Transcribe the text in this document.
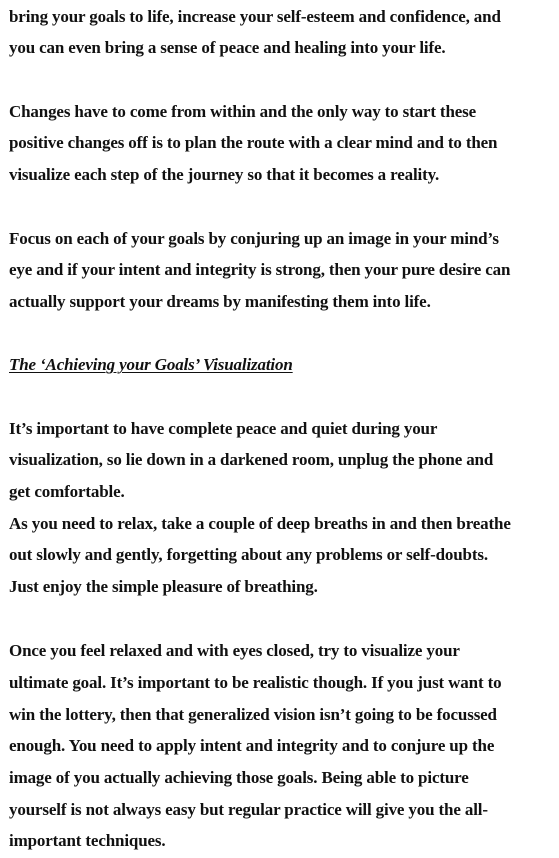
bring your goals to life, increase your self-esteem and confidence, and
you can even bring a sense of peace and healing into your life.
Changes have to come from within and the only way to start these
positive changes off is to plan the route with a clear mind and to then
visualize each step of the journey so that it becomes a reality.
Focus on each of your goals by conjuring up an image in your mind’s
eye and if your intent and integrity is strong, then your pure desire can
actually support your dreams by manifesting them into life.
The ‘Achieving your Goals’ Visualization
It’s important to have complete peace and quiet during your
visualization, so lie down in a darkened room, unplug the phone and
get comfortable.
As you need to relax, take a couple of deep breaths in and then breathe
out slowly and gently, forgetting about any problems or self-doubts.
Just enjoy the simple pleasure of breathing.
Once you feel relaxed and with eyes closed, try to visualize your
ultimate goal. It’s important to be realistic though. If you just want to
win the lottery, then that generalized vision isn’t going to be focussed
enough. You need to apply intent and integrity and to conjure up the
image of you actually achieving those goals. Being able to picture
yourself is not always easy but regular practice will give you the all-
important techniques.
